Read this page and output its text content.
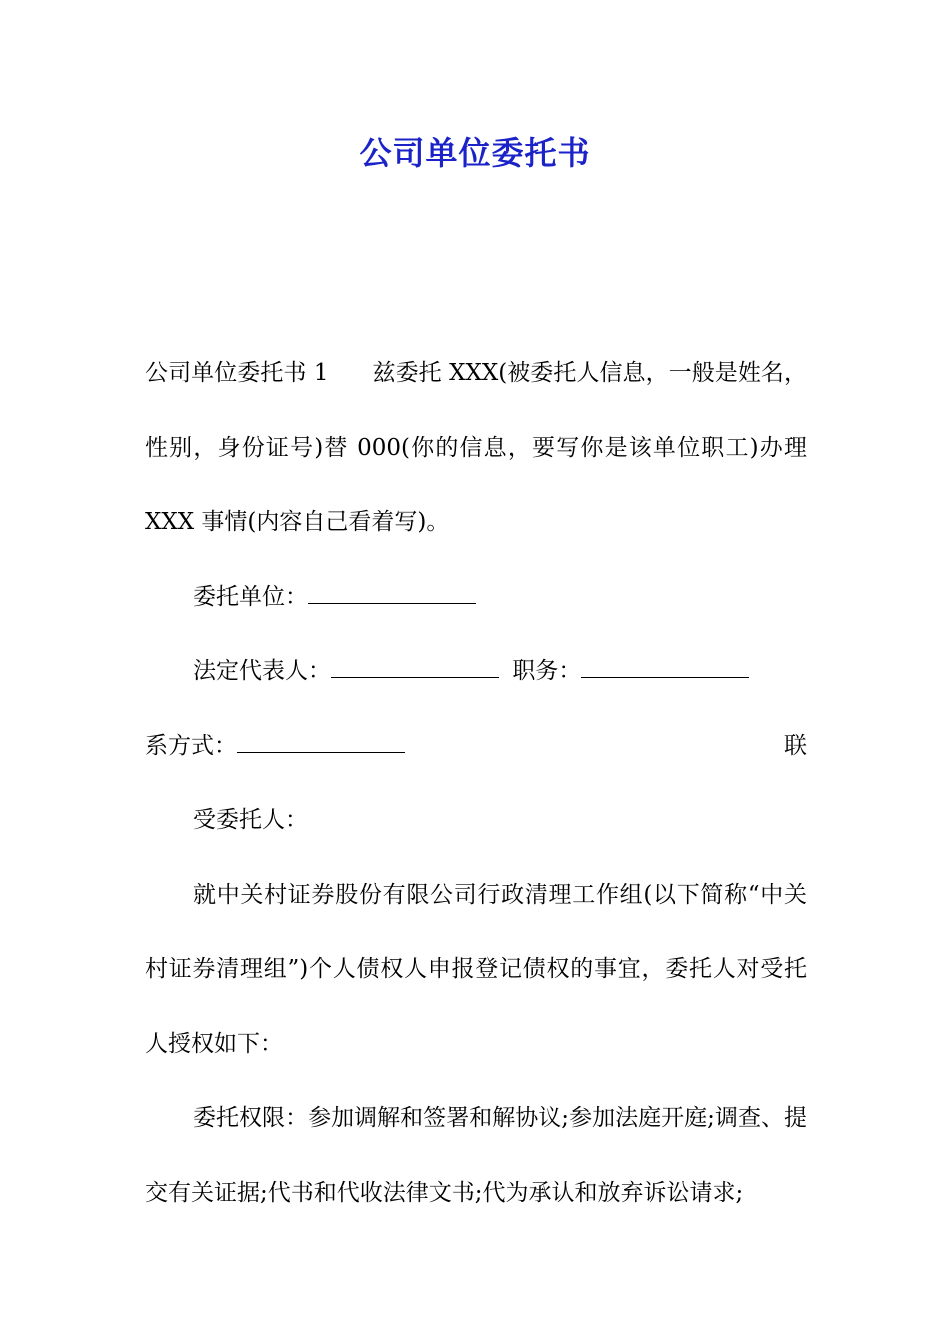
公司单位委托书

公司单位委托书 1 兹委托 XXX(被委托人信息，一般是姓名，性别，身份证号)替 000(你的信息，要写你是该单位职工)办理 XXX 事情(内容自己看着写)。

委托单位：

法定代表人：	职务：
联

系方式：

受委托人：

就中关村证券股份有限公司行政清理工作组(以下简称“中关村证券清理组”)个人债权人申报登记债权的事宜，委托人对受托人授权如下：

委托权限：参加调解和签署和解协议;参加法庭开庭;调查、提交有关证据;代书和代收法律文书;代为承认和放弃诉讼请求;
